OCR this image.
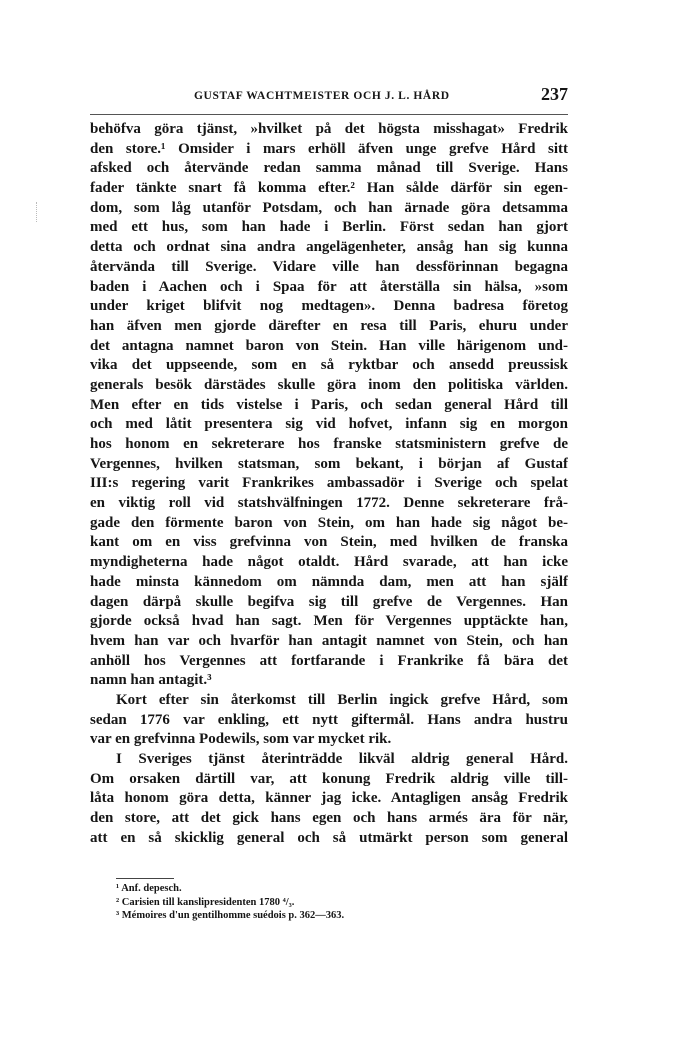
GUSTAF WACHTMEISTER OCH J. L. HÅRD	237
behöfva göra tjänst, »hvilket på det högsta misshagat» Fredrik
den store.¹ Omsider i mars erhöll äfven unge grefve Hård sitt
afsked och återvände redan samma månad till Sverige. Hans
fader tänkte snart få komma efter.² Han sålde därför sin egen-
dom, som låg utanför Potsdam, och han ärnade göra detsamma
med ett hus, som han hade i Berlin. Först sedan han gjort
detta och ordnat sina andra angelägenheter, ansåg han sig kunna
återvända till Sverige. Vidare ville han dessförinnan begagna
baden i Aachen och i Spaa för att återställa sin hälsa, »som
under kriget blifvit nog medtagen». Denna badresa företog
han äfven men gjorde därefter en resa till Paris, ehuru under
det antagna namnet baron von Stein. Han ville härigenom und-
vika det uppseende, som en så ryktbar och ansedd preussisk
generals besök därstädes skulle göra inom den politiska världen.
Men efter en tids vistelse i Paris, och sedan general Hård till
och med låtit presentera sig vid hofvet, infann sig en morgon
hos honom en sekreterare hos franske statsministern grefve de
Vergennes, hvilken statsman, som bekant, i början af Gustaf
III:s regering varit Frankrikes ambassadör i Sverige och spelat
en viktig roll vid statshvälfningen 1772. Denne sekreterare frå-
gade den förmente baron von Stein, om han hade sig något be-
kant om en viss grefvinna von Stein, med hvilken de franska
myndigheterna hade något otaldt. Hård svarade, att han icke
hade minsta kännedom om nämnda dam, men att han själf
dagen därpå skulle begifva sig till grefve de Vergennes. Han
gjorde också hvad han sagt. Men för Vergennes upptäckte han,
hvem han var och hvarför han antagit namnet von Stein, och han
anhöll hos Vergennes att fortfarande i Frankrike få bära det
namn han antagit.³
Kort efter sin återkomst till Berlin ingick grefve Hård, som
sedan 1776 var enkling, ett nytt giftermål. Hans andra hustru
var en grefvinna Podewils, som var mycket rik.
I Sveriges tjänst återinträdde likväl aldrig general Hård.
Om orsaken därtill var, att konung Fredrik aldrig ville till-
låta honom göra detta, känner jag icke. Antagligen ansåg Fredrik
den store, att det gick hans egen och hans armés ära för när,
att en så skicklig general och så utmärkt person som general
¹ Anf. depesch.
² Carisien till kanslipresidenten 1780 ⁴/₃.
³ Mémoires d'un gentilhomme suédois p. 362—363.
